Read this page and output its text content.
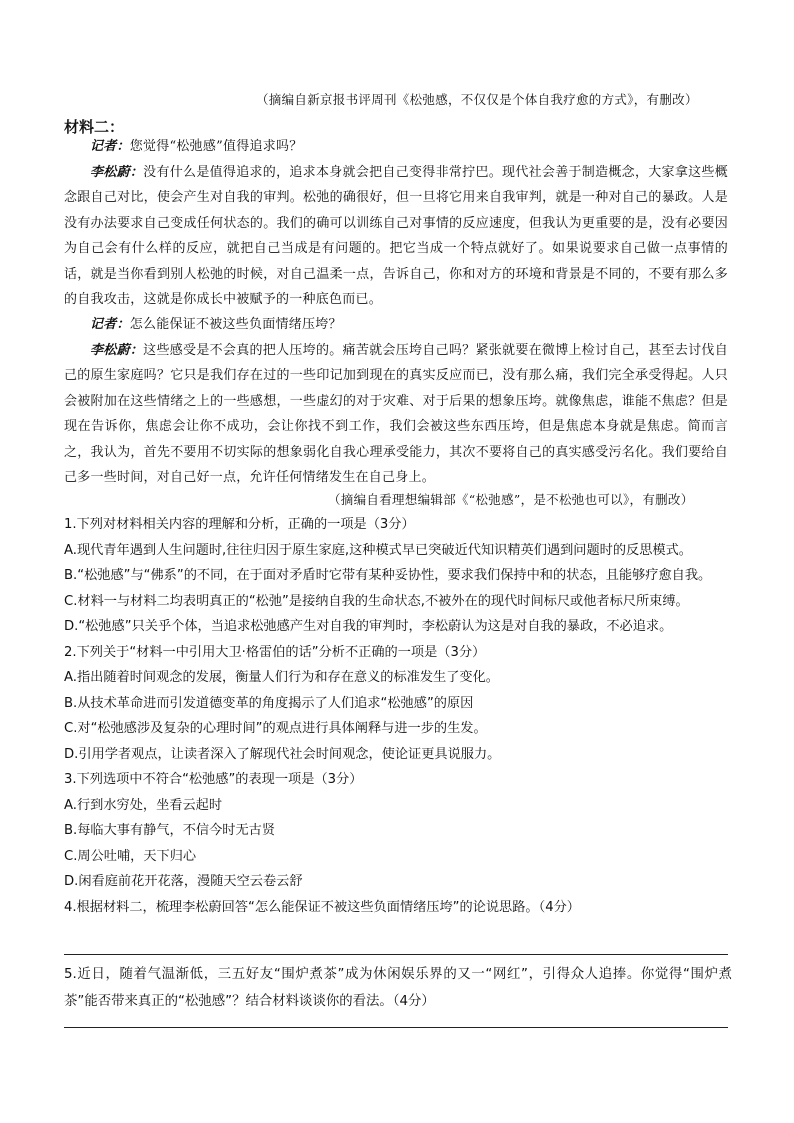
（摘编自新京报书评周刊《松弛感，不仅仅是个体自我疗愈的方式》，有删改）
材料二：

记者：您觉得“松弛感”值得追求吗？

李松蔚：没有什么是值得追求的，追求本身就会把自己变得非常拧巴。现代社会善于制造概念，大家拿这些概念跟自己对比，使会产生对自我的审判。松弛的确很好，但一旦将它用来自我审判，就是一种对自己的暴政。人是没有办法要求自己变成任何状态的。我们的确可以训练自己对事情的反应速度，但我认为更重要的是，没有必要因为自己会有什么样的反应，就把自己当成是有问题的。把它当成一个特点就好了。如果说要求自己做一点事情的话，就是当你看到别人松弛的时候，对自己温柔一点，告诉自己，你和对方的环境和背景是不同的，不要有那么多的自我攻击，这就是你成长中被赋予的一种底色而已。

记者：怎么能保证不被这些负面情绪压垮？

李松蔚：这些感受是不会真的把人压垮的。痛苦就会压垮自己吗？紧张就要在微博上检讨自己，甚至去讨伐自己的原生家庭吗？它只是我们存在过的一些印记加到现在的真实反应而已，没有那么痛，我们完全承受得起。人只会被附加在这些情绪之上的一些感想，一些虚幻的对于灾难、对于后果的想象压垮。就像焦虑，谁能不焦虑？但是现在告诉你，焦虑会让你不成功，会让你找不到工作，我们会被这些东西压垮，但是焦虑本身就是焦虑。简而言之，我认为，首先不要用不切实际的想象弱化自我心理承受能力，其次不要将自己的真实感受污名化。我们要给自己多一些时间，对自己好一点，允许任何情绪发生在自己身上。

（摘编自看理想编辑部《“松弛感”，是不松弛也可以》，有删改）

1.下列对材料相关内容的理解和分析，正确的一项是（3分）

A.现代青年遇到人生问题时,往往归因于原生家庭,这种模式早已突破近代知识精英们遇到问题时的反思模式。

B.“松弛感”与“佛系”的不同，在于面对矛盾时它带有某种妥协性，要求我们保持中和的状态，且能够疗愈自我。

C.材料一与材料二均表明真正的“松弛”是接纳自我的生命状态,不被外在的现代时间标尺或他者标尺所束缚。

D.“松弛感”只关乎个体，当追求松弛感产生对自我的审判时，李松蔚认为这是对自我的暴政，不必追求。

2.下列关于“材料一中引用大卫·格雷伯的话”分析不正确的一项是（3分）

A.指出随着时间观念的发展，衡量人们行为和存在意义的标准发生了变化。

B.从技术革命进而引发道德变革的角度揭示了人们追求“松弛感”的原因

C.对“松弛感涉及复杂的心理时间”的观点进行具体阐释与进一步的生发。

D.引用学者观点，让读者深入了解现代社会时间观念，使论证更具说服力。

3.下列选项中不符合“松弛感”的表现一项是（3分）

A.行到水穷处，坐看云起时

B.每临大事有静气，不信今时无古贤

C.周公吐哺，天下归心

D.闲看庭前花开花落，漫随天空云卷云舒

4.根据材料二，梳理李松蔚回答“怎么能保证不被这些负面情绪压垮”的论说思路。（4分）

5.近日，随着气温渐低，三五好友“围炉煮茶”成为休闲娱乐界的又一“网红”，引得众人追捧。你觉得“围炉煮茶”能否带来真正的“松弛感”？结合材料谈谈你的看法。（4分）
